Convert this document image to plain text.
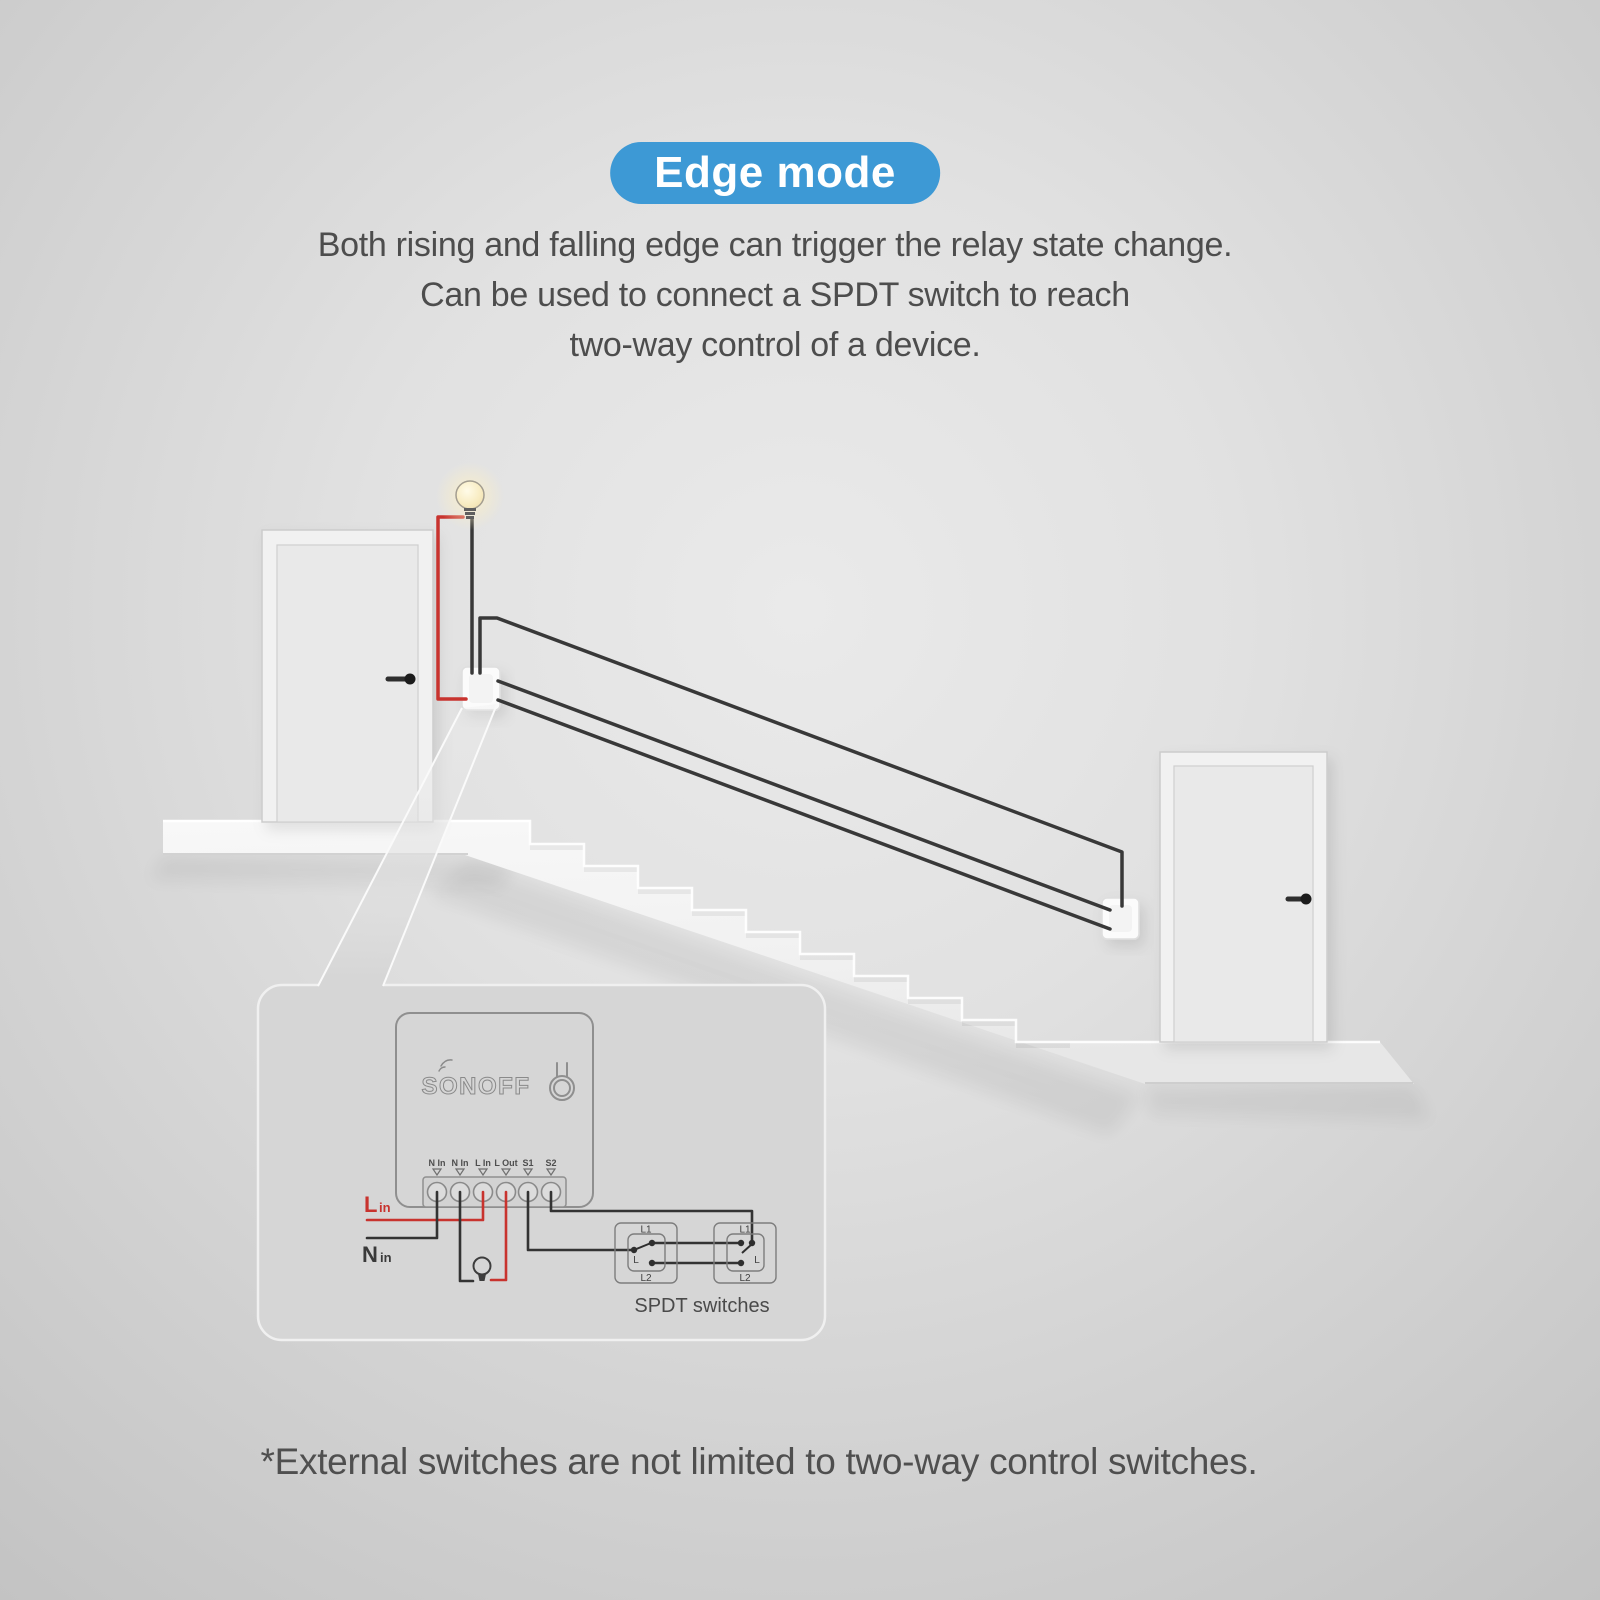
SONOFF
N In N In L In L Out S1 S2
L in
N in
L1
L2
L
L1
L2
L
SPDT switches
Edge mode
Both rising and falling edge can trigger the relay state change.
Can be used to connect a SPDT switch to reach
two-way control of a device.
*External switches are not limited to two-way control switches.
